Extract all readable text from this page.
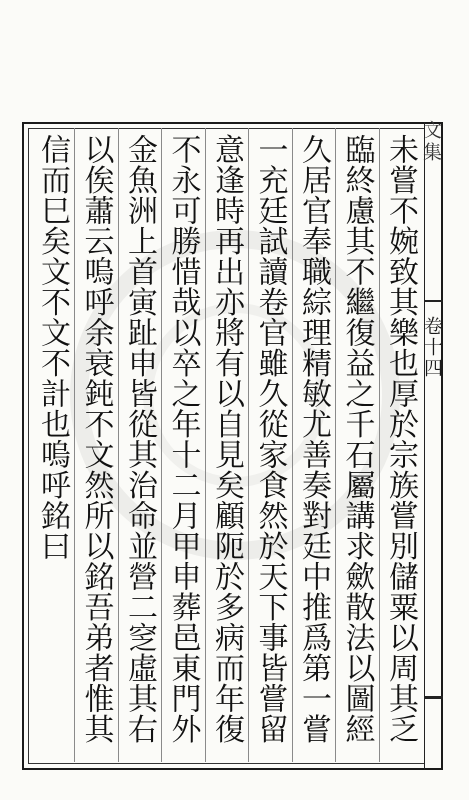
文集
卷十四
未嘗不婉致其樂也厚於宗族嘗別儲粟以周其乏
臨終慮其不繼復益之千石屬講求歛散法以圖經
久居官奉職綜理精敏尤善奏對廷中推爲第一嘗
一充廷試讀卷官雖久從家食然於天下事皆嘗留
意逢時再出亦將有以自見矣顧阨於多病而年復
不永可勝惜哉以卒之年十二月甲申葬邑東門外
金魚洲上首寅趾申皆從其治命並營二窆虛其右
以俟蕭云嗚呼余衰鈍不文然所以銘吾弟者惟其
信而巳矣文不文不計也嗚呼銘曰
